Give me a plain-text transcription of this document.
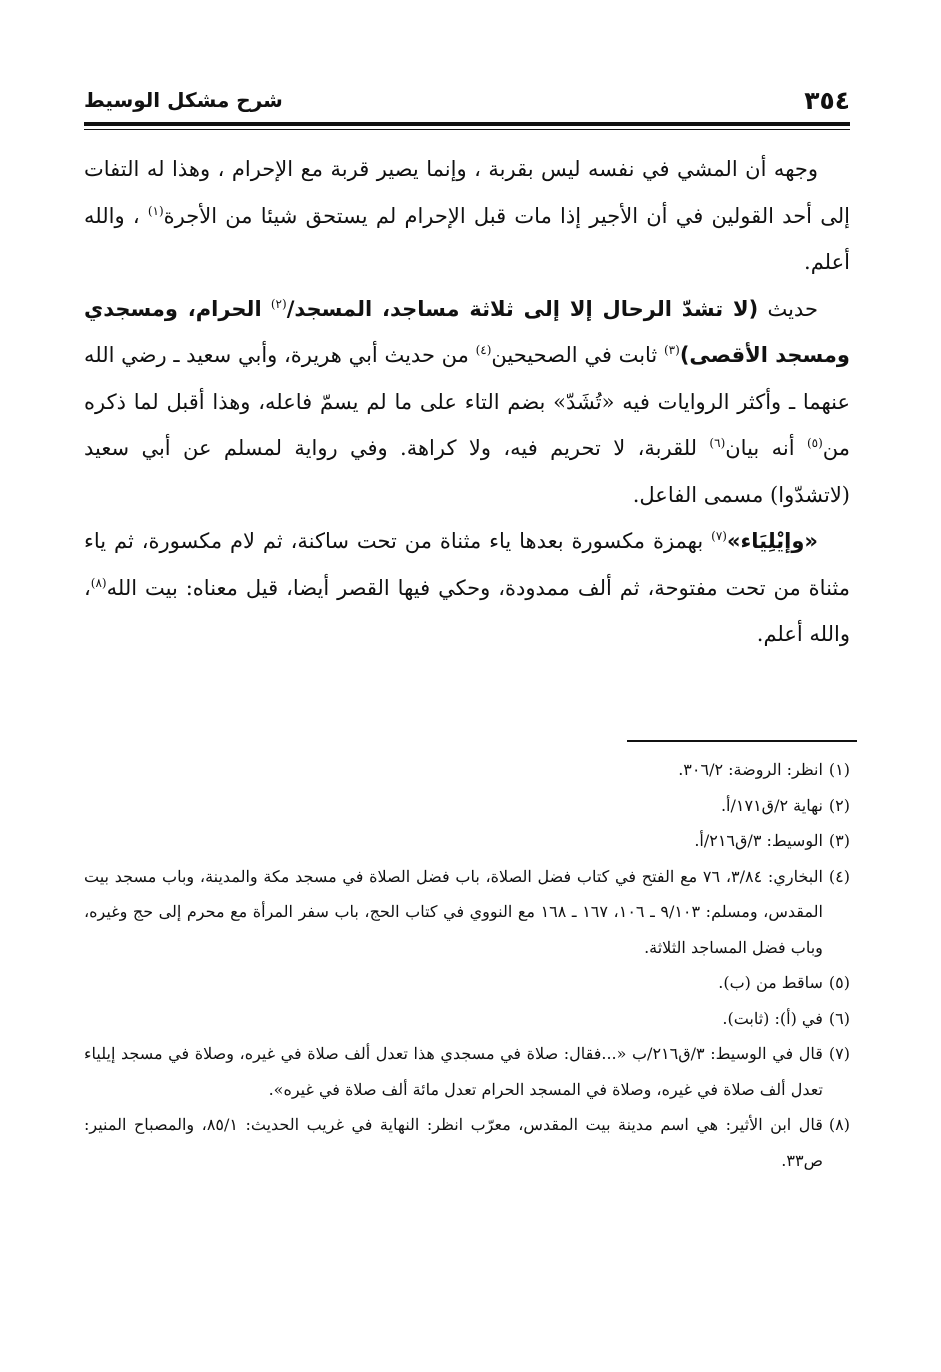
٣٥٤
شرح مشكل الوسيط

وجهه أن المشي في نفسه ليس بقربة ، وإنما يصير قربة مع الإحرام ، وهذا له التفات إلى أحد القولين في أن الأجير إذا مات قبل الإحرام لم يستحق شيئا من الأجرة$^{(١)}$ ، والله أعلم.

حديث (لا تشدّ الرحال إلا إلى ثلاثة مساجد، المسجد/$^{(٢)}$ الحرام، ومسجدي ومسجد الأقصى)$^{(٣)}$ ثابت في الصحيحين$^{(٤)}$ من حديث أبي هريرة، وأبي سعيد ـ رضي الله عنهما ـ وأكثر الروايات فيه «تُشَدّ» بضم التاء على ما لم يسمّ فاعله، وهذا أقبل لما ذكره من$^{(٥)}$ أنه بيان$^{(٦)}$ للقربة، لا تحريم فيه، ولا كراهة. وفي رواية لمسلم عن أبي سعيد (لاتشدّوا) مسمى الفاعل.

«وإيْلِيَاء»$^{(٧)}$ بهمزة مكسورة بعدها ياء مثناة من تحت ساكنة، ثم لام مكسورة، ثم ياء مثناة من تحت مفتوحة، ثم ألف ممدودة، وحكي فيها القصر أيضا، قيل معناه: بيت الله$^{(٨)}$، والله أعلم.

(١)
انظر: الروضة: ٣٠٦/٢.
(٢)
نهاية ٢/ق١٧١/أ.
(٣)
الوسيط: ٣/ق٢١٦/أ.
(٤)
البخاري: ٣/٨٤، ٧٦ مع الفتح في كتاب فضل الصلاة، باب فضل الصلاة في مسجد مكة والمدينة، وباب مسجد بيت المقدس، ومسلم: ٩/١٠٣ ـ ١٠٦، ١٦٧ ـ ١٦٨ مع النووي في كتاب الحج، باب سفر المرأة مع محرم إلى حج وغيره، وباب فضل المساجد الثلاثة.
(٥)
ساقط من (ب).
(٦)
في (أ): (ثابت).
(٧)
قال في الوسيط: ٣/ق٢١٦/ب «...فقال: صلاة في مسجدي هذا تعدل ألف صلاة في غيره، وصلاة في مسجد إيلياء تعدل ألف صلاة في غيره، وصلاة في المسجد الحرام تعدل مائة ألف صلاة في غيره».
(٨)
قال ابن الأثير: هي اسم مدينة بيت المقدس، معرّب انظر: النهاية في غريب الحديث: ٨٥/١، والمصباح المنير: ص٣٣.
